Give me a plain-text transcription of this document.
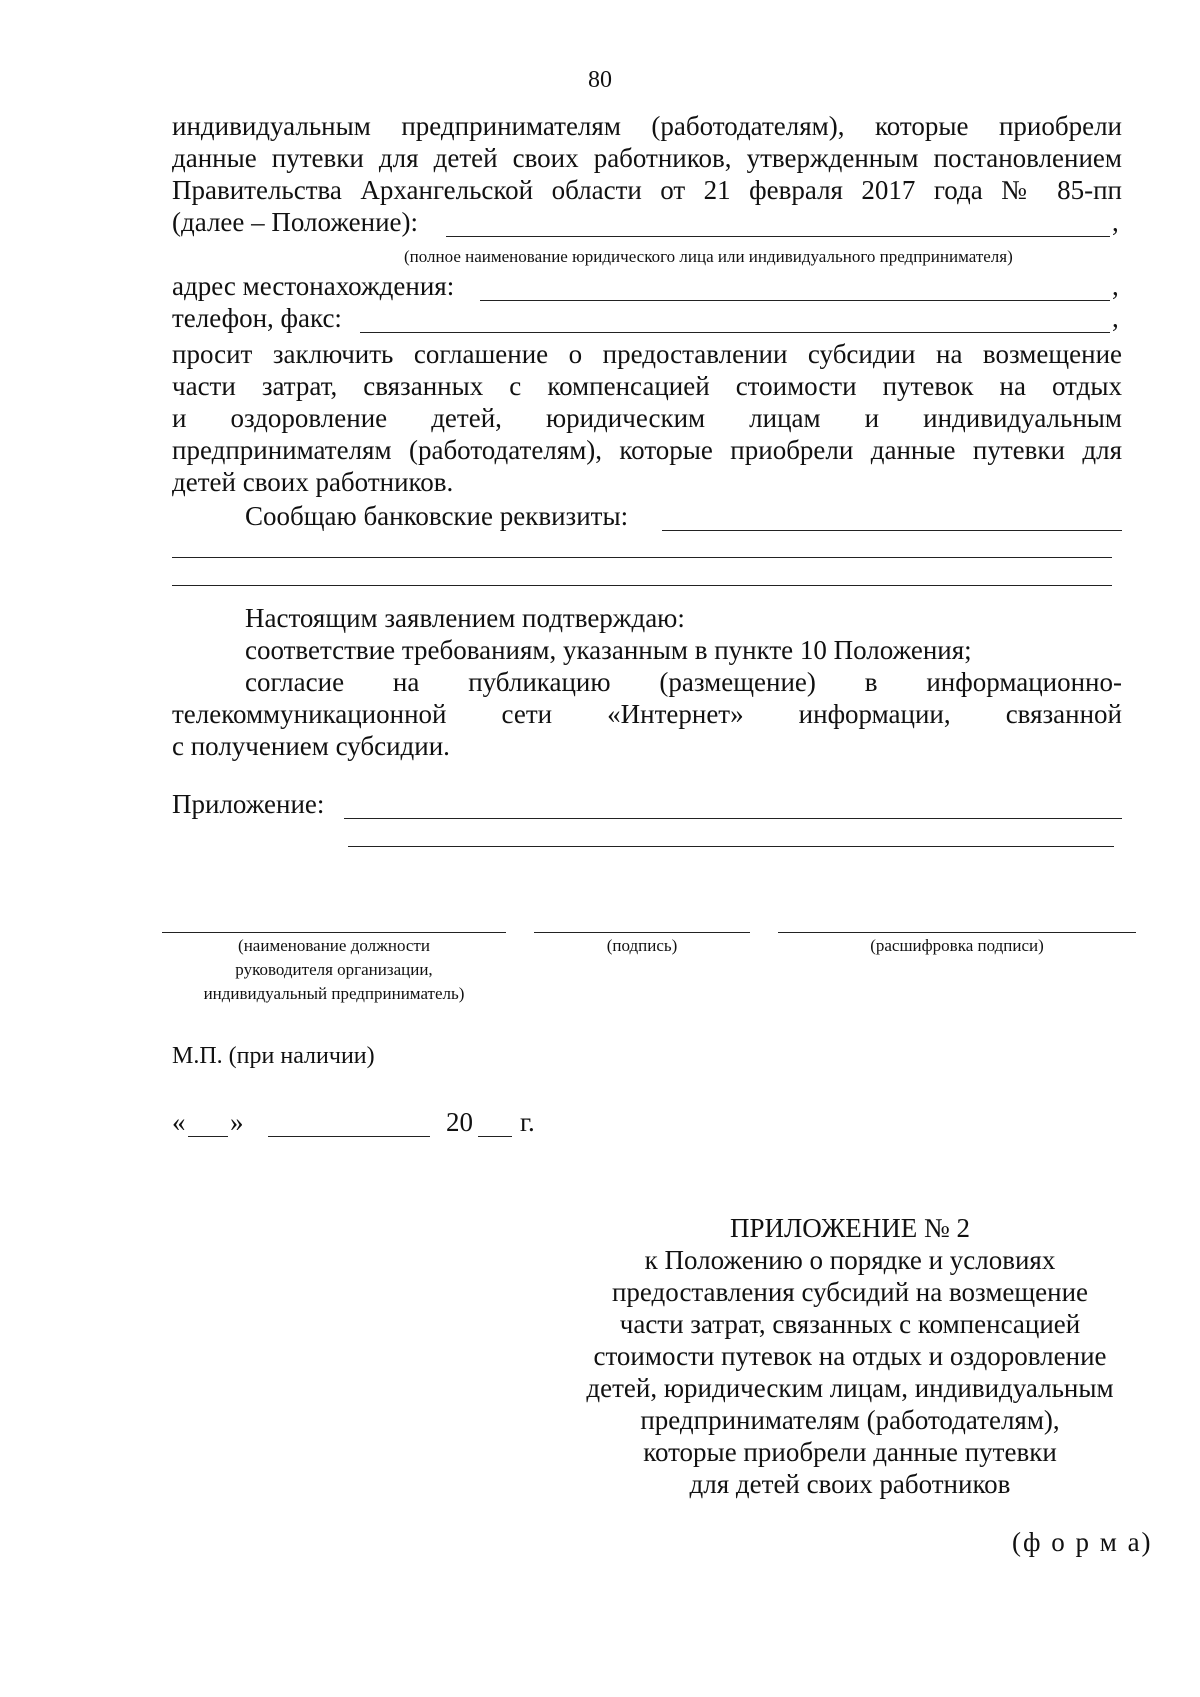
80
индивидуальным предпринимателям (работодателям), которые приобрели
данные путевки для детей своих работников, утвержденным постановлением
Правительства Архангельской области от 21 февраля 2017 года № 85-пп
(далее – Положение):	,
(полное наименование юридического лица или индивидуального предпринимателя)
адрес местонахождения:	,
телефон, факс:	,
просит заключить соглашение о предоставлении субсидии на возмещение
части затрат, связанных с компенсацией стоимости путевок на отдых
и оздоровление детей, юридическим лицам и индивидуальным
предпринимателям (работодателям), которые приобрели данные путевки для
детей своих работников.
Сообщаю банковские реквизиты:
Настоящим заявлением подтверждаю:
соответствие требованиям, указанным в пункте 10 Положения;
согласие на публикацию (размещение) в информационно-
телекоммуникационной сети «Интернет» информации, связанной
с получением субсидии.
Приложение:
(наименование должности
руководителя организации,
индивидуальный предприниматель)
(подпись)	(расшифровка подписи)
М.П. (при наличии)
« »	20 г.
ПРИЛОЖЕНИЕ № 2
к Положению о порядке и условиях
предоставления субсидий на возмещение
части затрат, связанных с компенсацией
стоимости путевок на отдых и оздоровление
детей, юридическим лицам, индивидуальным
предпринимателям (работодателям),
которые приобрели данные путевки
для детей своих работников
(ф о р м а)
